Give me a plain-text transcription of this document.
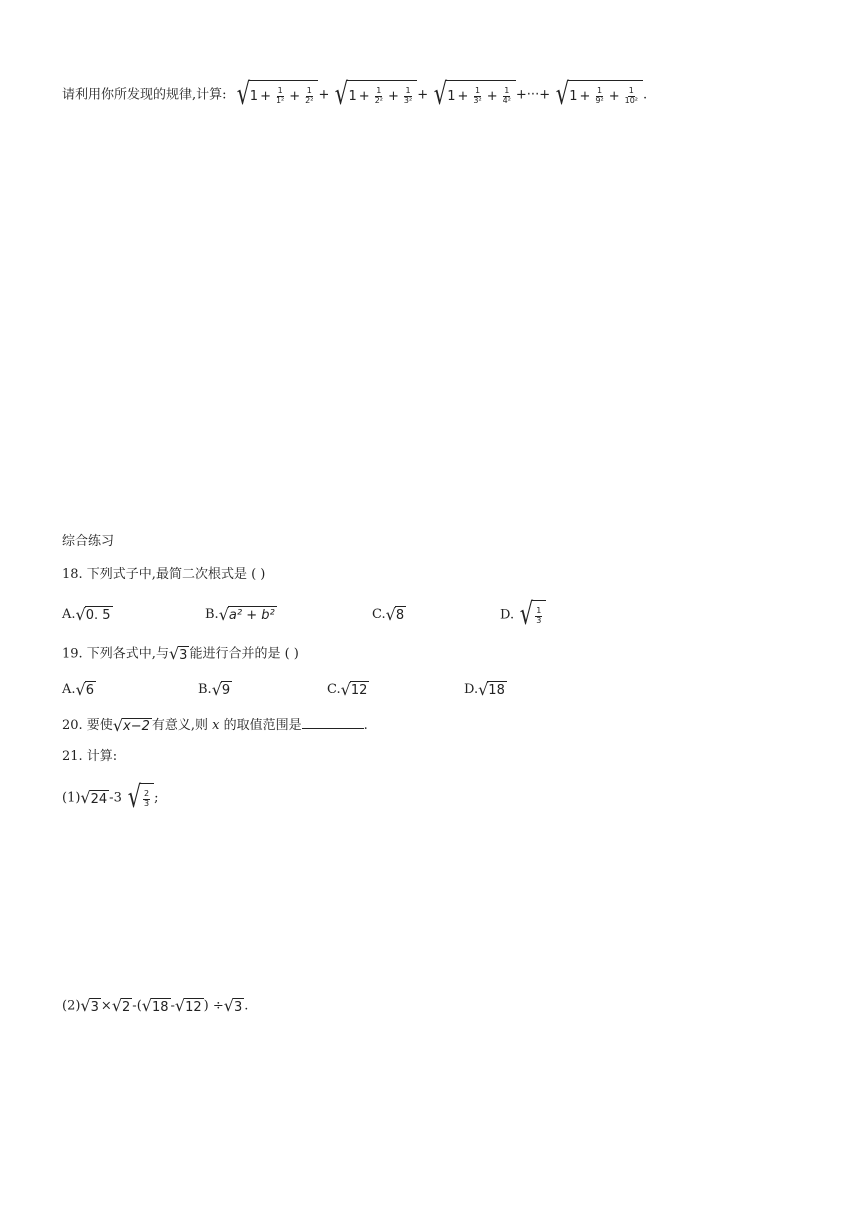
请利用你所发现的规律,计算: √ $1 + \frac{1}{\text{1²}} + \frac{1}{\text{2²}}$ + √ $1 + \frac{1}{\text{2²}} + \frac{1}{\text{3²}}$ + √ $1 + \frac{1}{\text{3²}} + \frac{1}{\text{4²}}$ +···+ √ $1 + \frac{1}{\text{9²}} + \frac{1}{\text{10²}}$ .
综合练习
18. 下列式子中,最简二次根式是 ( )
A. √ 0. 5	B. √ a² + b²	C. √ 8	D. √ $\frac{1}{3}$
19. 下列各式中,与 √ 3 能进行合并的是 ( )
A. √ 6	B. √ 9	C. √ 12	D. √ 18
20. 要使 √ x−2 有意义,则 x 的取值范围是	.
21. 计算:
(1) √ 24 -3 √ $\frac{2}{3}$ ;
(2) √ 3 × √ 2 -( √ 18 - √ 12 ) ÷ √ 3 .
